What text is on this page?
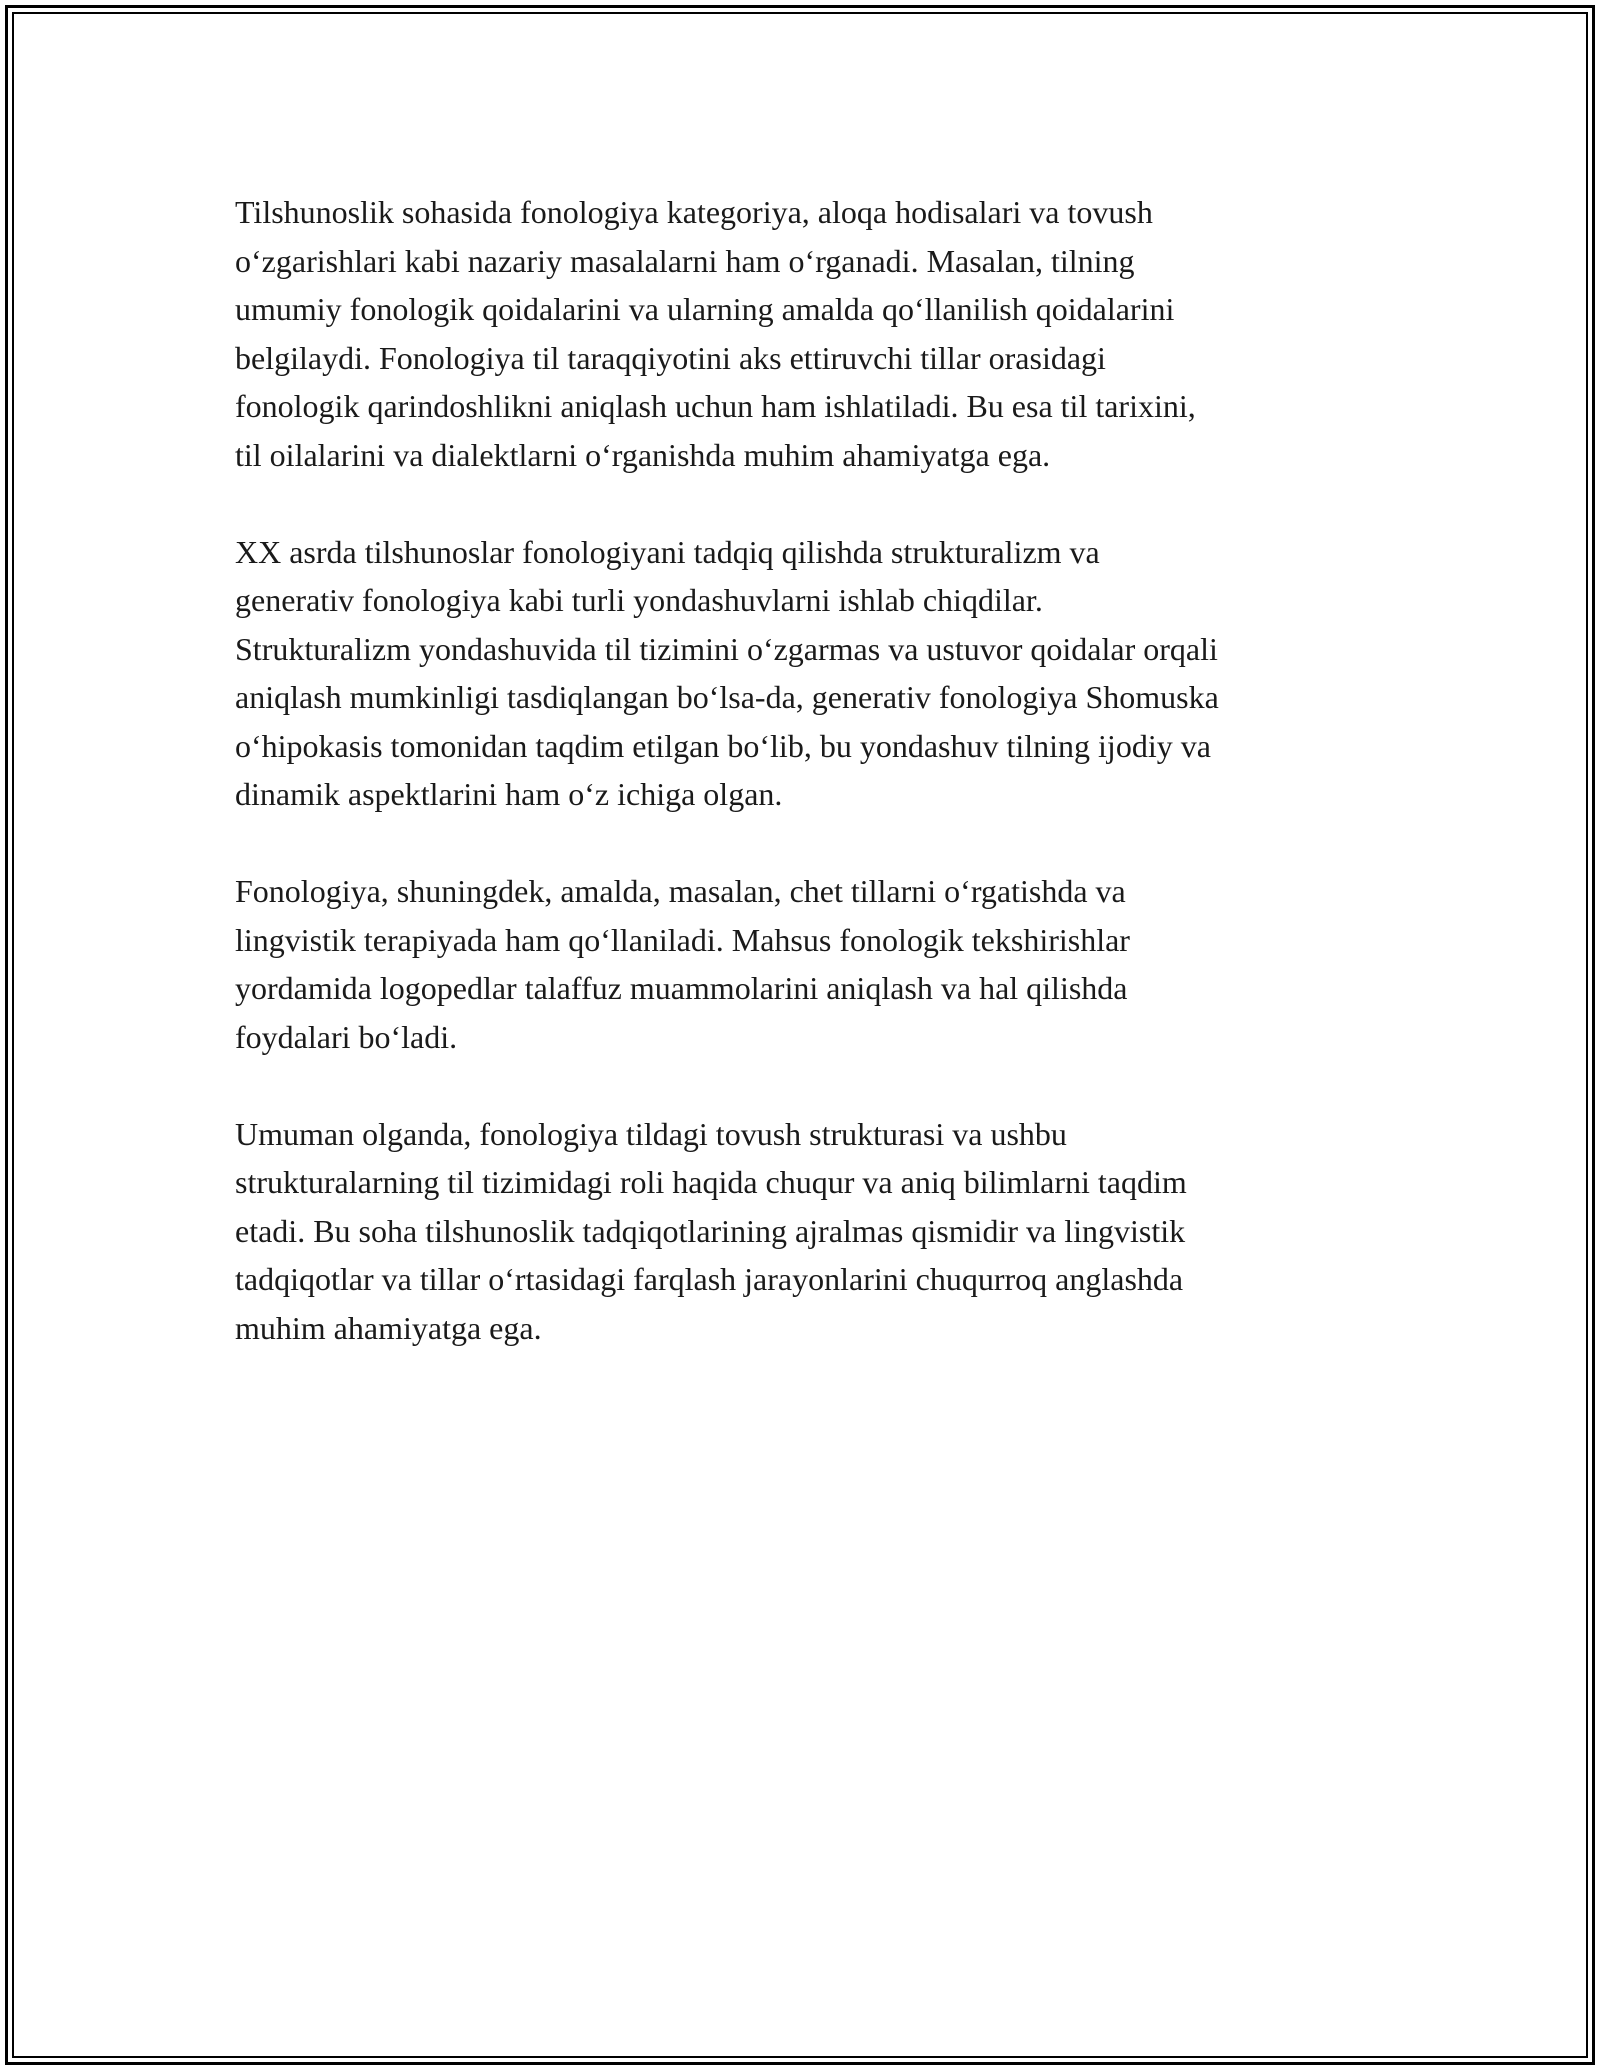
Tilshunoslik sohasida fonologiya kategoriya, aloqa hodisalari va tovush
o‘zgarishlari kabi nazariy masalalarni ham o‘rganadi. Masalan, tilning
umumiy fonologik qoidalarini va ularning amalda qo‘llanilish qoidalarini
belgilaydi. Fonologiya til taraqqiyotini aks ettiruvchi tillar orasidagi
fonologik qarindoshlikni aniqlash uchun ham ishlatiladi. Bu esa til tarixini,
til oilalarini va dialektlarni o‘rganishda muhim ahamiyatga ega.

XX asrda tilshunoslar fonologiyani tadqiq qilishda strukturalizm va
generativ fonologiya kabi turli yondashuvlarni ishlab chiqdilar.
Strukturalizm yondashuvida til tizimini o‘zgarmas va ustuvor qoidalar orqali
aniqlash mumkinligi tasdiqlangan bo‘lsa-da, generativ fonologiya Shomuska
o‘hipokasis tomonidan taqdim etilgan bo‘lib, bu yondashuv tilning ijodiy va
dinamik aspektlarini ham o‘z ichiga olgan.

Fonologiya, shuningdek, amalda, masalan, chet tillarni o‘rgatishda va
lingvistik terapiyada ham qo‘llaniladi. Mahsus fonologik tekshirishlar
yordamida logopedlar talaffuz muammolarini aniqlash va hal qilishda
foydalari bo‘ladi.

Umuman olganda, fonologiya tildagi tovush strukturasi va ushbu
strukturalarning til tizimidagi roli haqida chuqur va aniq bilimlarni taqdim
etadi. Bu soha tilshunoslik tadqiqotlarining ajralmas qismidir va lingvistik
tadqiqotlar va tillar o‘rtasidagi farqlash jarayonlarini chuqurroq anglashda
muhim ahamiyatga ega.
